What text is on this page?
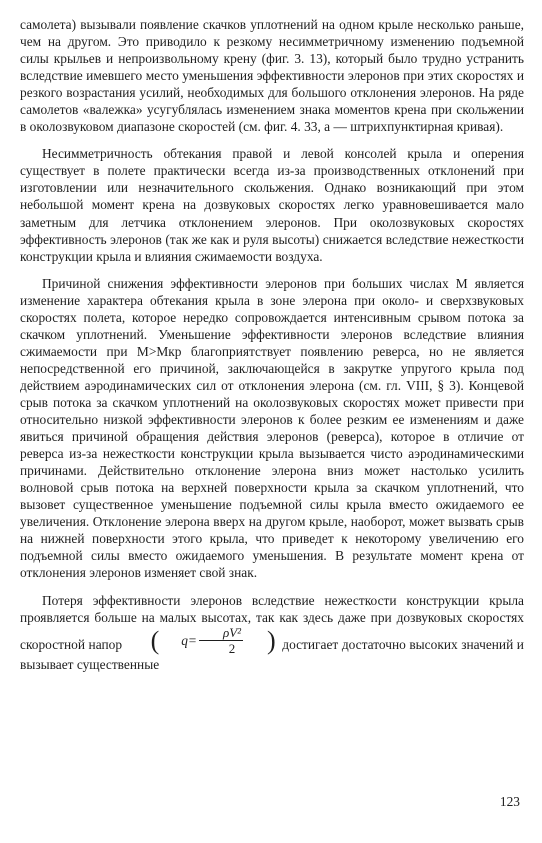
самолета) вызывали появление скачков уплотнений на одном крыле несколько раньше, чем на другом. Это приводило к резкому несимметричному изменению подъемной силы крыльев и непроизвольному крену (фиг. 3. 13), который было трудно устранить вследствие имевшего место уменьшения эффективности элеронов при этих скоростях и резкого возрастания усилий, необходимых для большого отклонения элеронов. На ряде самолетов «валежка» усугублялась изменением знака моментов крена при скольжении в околозвуковом диапазоне скоростей (см. фиг. 4. 33, а — штрихпунктирная кривая).

Несимметричность обтекания правой и левой консолей крыла и оперения существует в полете практически всегда из-за производственных отклонений при изготовлении или незначительного скольжения. Однако возникающий при этом небольшой момент крена на дозвуковых скоростях легко уравновешивается мало заметным для летчика отклонением элеронов. При околозвуковых скоростях эффективность элеронов (так же как и руля высоты) снижается вследствие нежесткости конструкции крыла и влияния сжимаемости воздуха.

Причиной снижения эффективности элеронов при больших числах М является изменение характера обтекания крыла в зоне элерона при около- и сверхзвуковых скоростях полета, которое нередко сопровождается интенсивным срывом потока за скачком уплотнений. Уменьшение эффективности элеронов вследствие влияния сжимаемости при M>Mкр благоприятствует появлению реверса, но не является непосредственной его причиной, заключающейся в закрутке упругого крыла под действием аэродинамических сил от отклонения элерона (см. гл. VIII, § 3). Концевой срыв потока за скачком уплотнений на околозвуковых скоростях может привести при относительно низкой эффективности элеронов к более резким ее изменениям и даже явиться причиной обращения действия элеронов (реверса), которое в отличие от реверса из-за нежесткости конструкции крыла вызывается чисто аэродинамическими причинами. Действительно отклонение элерона вниз может настолько усилить волновой срыв потока на верхней поверхности крыла за скачком уплотнений, что вызовет существенное уменьшение подъемной силы крыла вместо ожидаемого ее увеличения. Отклонение элерона вверх на другом крыле, наоборот, может вызвать срыв на нижней поверхности этого крыла, что приведет к некоторому увеличению его подъемной силы вместо ожидаемого уменьшения. В результате момент крена от отклонения элеронов изменяет свой знак.

Потеря эффективности элеронов вследствие нежесткости конструкции крыла проявляется больше на малых высотах, так как здесь даже при дозвуковых скоростях скоростной напор	(	$q= \frac{\text{ρV²}}{2}$ ) достигает достаточно высоких значений и вызывает существенные

123
